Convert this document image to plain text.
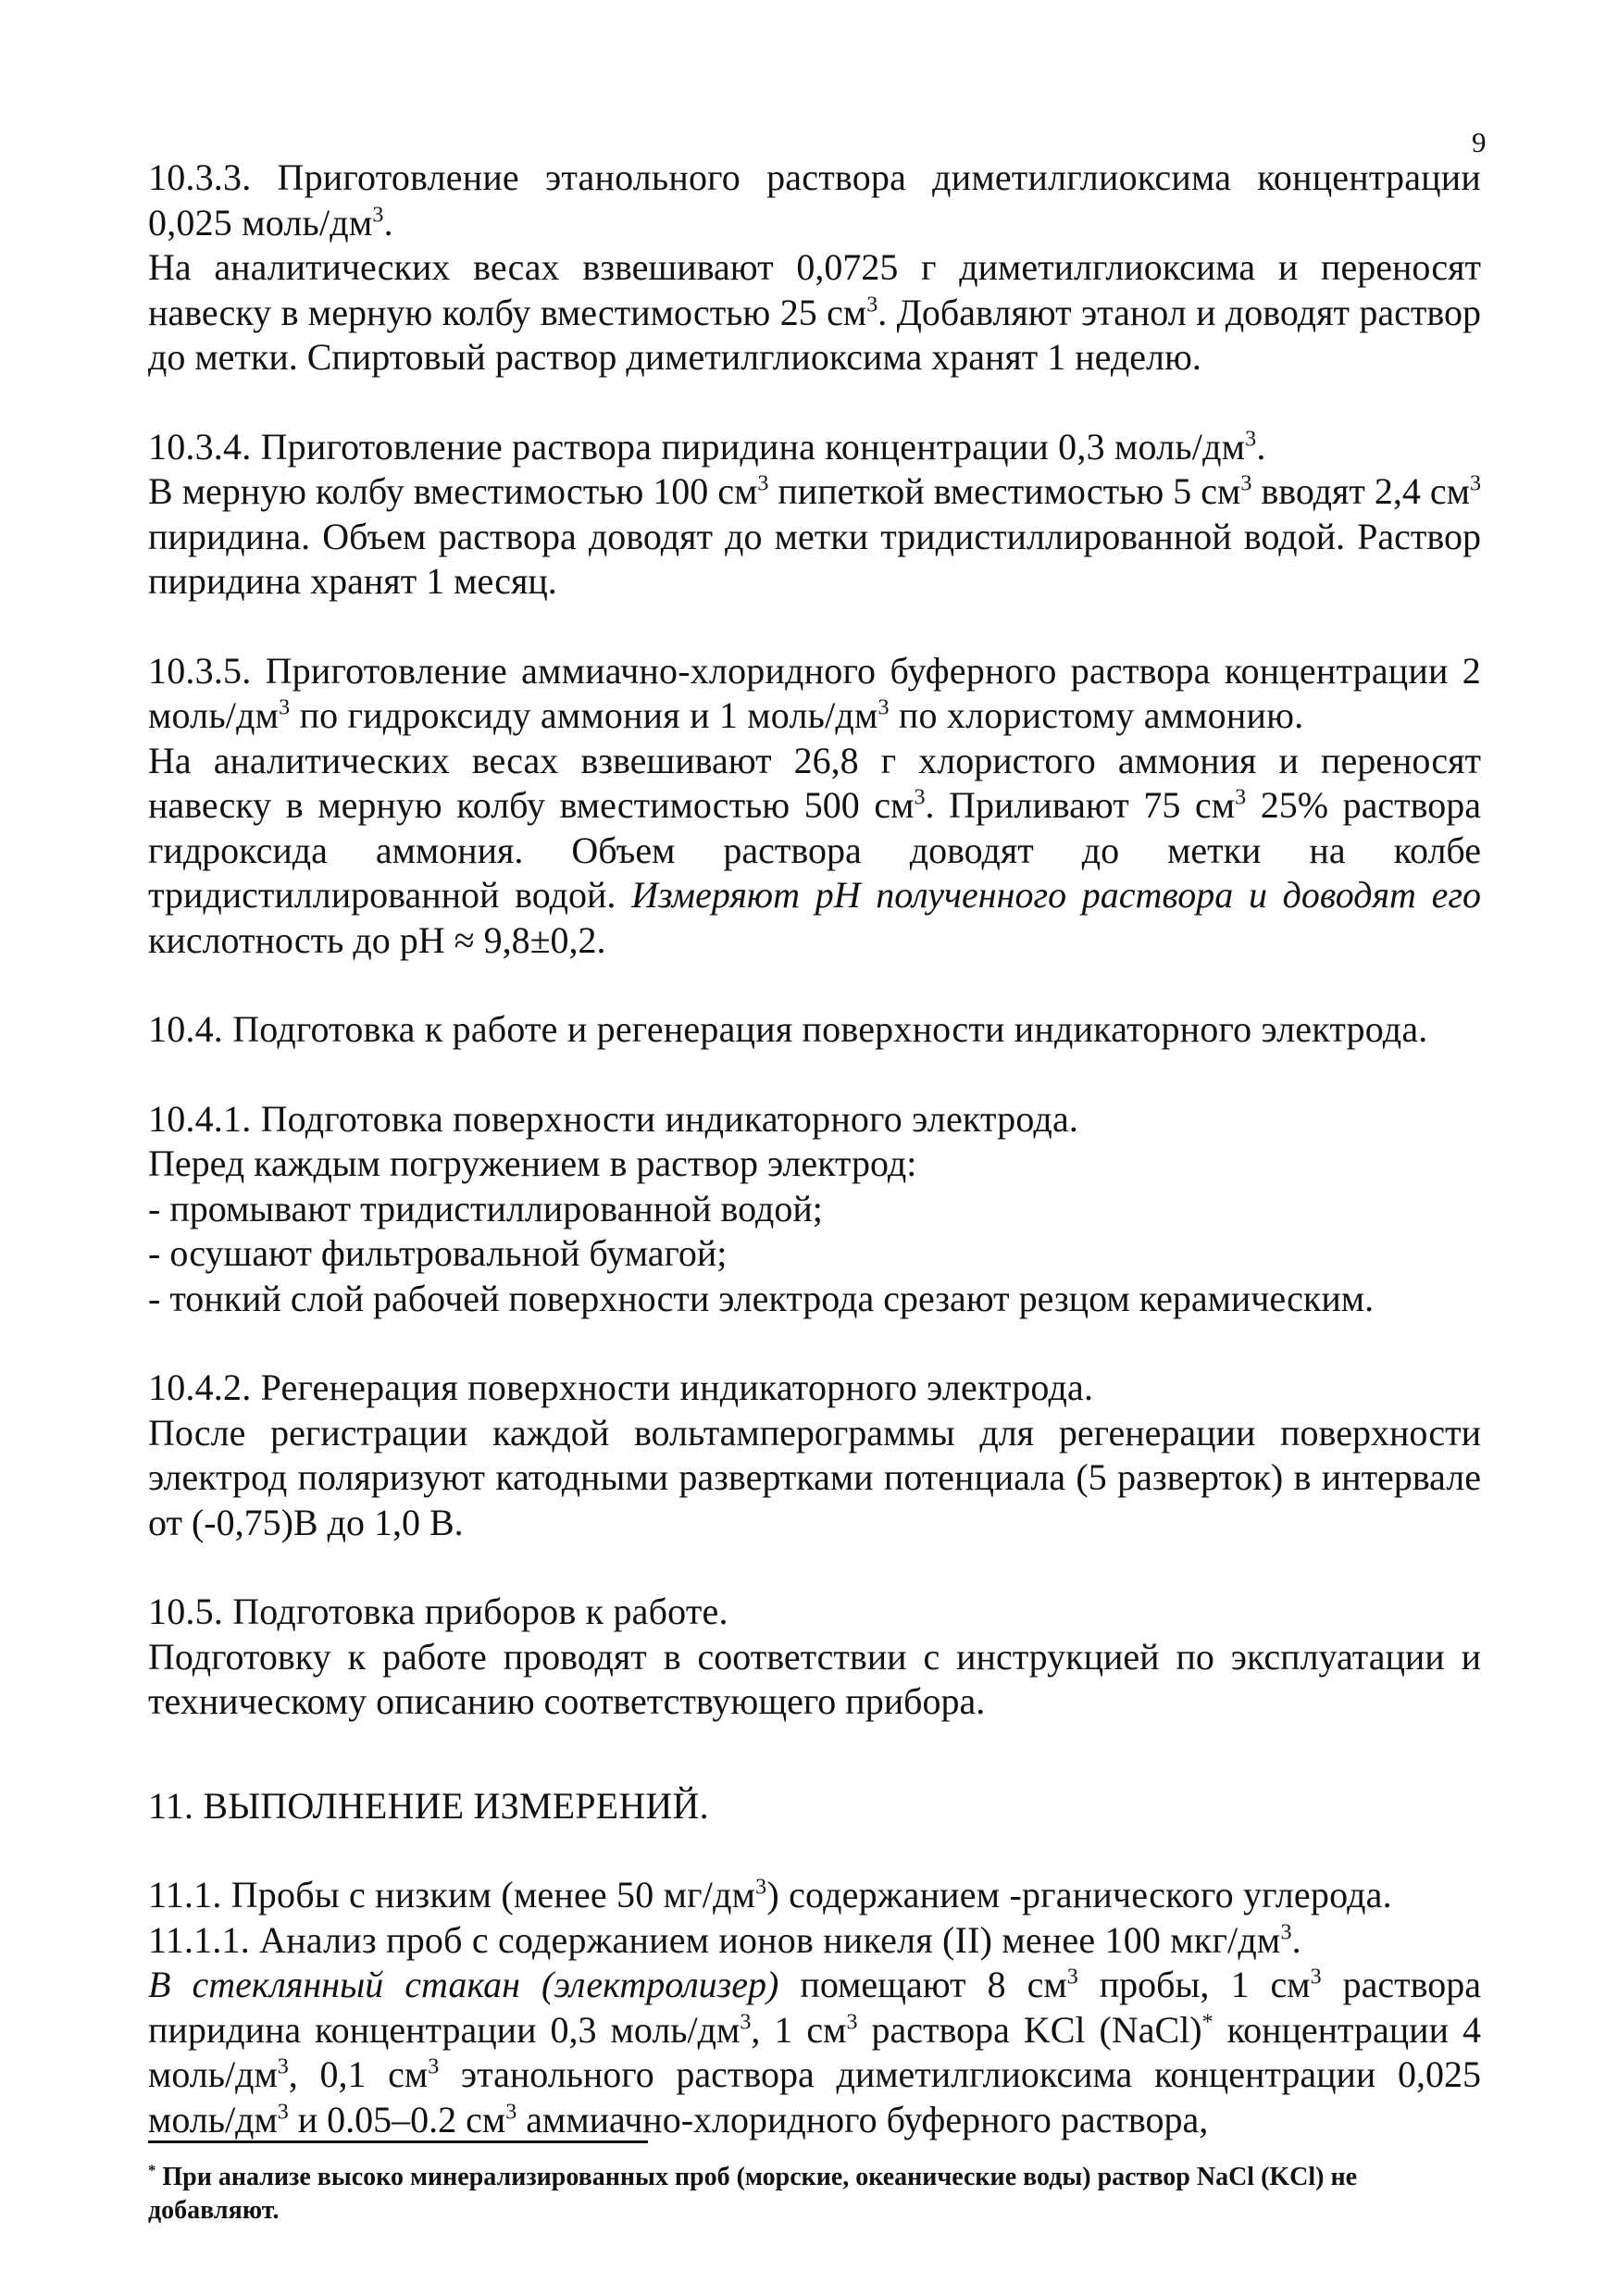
9

10.3.3. Приготовление этанольного раствора диметилглиоксима концентрации 0,025 моль/$дм^3$.

На аналитических весах взвешивают 0,0725 г диметилглиоксима и переносят навеску в мерную колбу вместимостью 25 $см^3$. Добавляют этанол и доводят раствор до метки. Спиртовый раствор диметилглиоксима хранят 1 неделю.

10.3.4. Приготовление раствора пиридина концентрации 0,3 моль/$дм^3$.

В мерную колбу вместимостью 100 $см^3$ пипеткой вместимостью 5 $см^3$ вводят 2,4 $см^3$ пиридина. Объем раствора доводят до метки тридистиллированной водой. Раствор пиридина хранят 1 месяц.

10.3.5. Приготовление аммиачно-хлоридного буферного раствора концентрации 2 моль/$дм^3$ по гидроксиду аммония и 1 моль/$дм^3$ по хлористому аммонию.

На аналитических весах взвешивают 26,8 г хлористого аммония и переносят навеску в мерную колбу вместимостью 500 $см^3$. Приливают 75 $см^3$ 25% раствора гидроксида аммония. Объем раствора доводят до метки на колбе тридистиллированной водой. Измеряют pH полученного раствора и доводят его кислотность до pH ≈ 9,8±0,2.

10.4. Подготовка к работе и регенерация поверхности индикаторного электрода.

10.4.1. Подготовка поверхности индикаторного электрода.

Перед каждым погружением в раствор электрод:

- промывают тридистиллированной водой;

- осушают фильтровальной бумагой;

- тонкий слой рабочей поверхности электрода срезают резцом керамическим.

10.4.2. Регенерация поверхности индикаторного электрода.

После регистрации каждой вольтамперограммы для регенерации поверхности электрод поляризуют катодными развертками потенциала (5 разверток) в интервале от (-0,75)В до 1,0 В.

10.5. Подготовка приборов к работе.

Подготовку к работе проводят в соответствии с инструкцией по эксплуатации и техническому описанию соответствующего прибора.

11. ВЫПОЛНЕНИЕ ИЗМЕРЕНИЙ.

11.1. Пробы с низким (менее 50 $мг/дм^3$) содержанием ‑рганического углерода.

11.1.1. Анализ проб с содержанием ионов никеля (II) менее 100 мкг/$дм^3$.

В стеклянный стакан (электролизер) помещают 8 $см^3$ пробы, 1 $см^3$ раствора пиридина концентрации 0,3 моль/$дм^3$, 1 $см^3$ раствора KCl (NaCl)* концентрации 4 моль/$дм^3$, 0,1 $см^3$ этанольного раствора диметилглиоксима концентрации 0,025 моль/$дм^3$ и 0.05–0.2 $см^3$ аммиачно-хлоридного буферного раствора,

* При анализе высоко минерализированных проб (морские, океанические воды) раствор NaCl (KCl) не добавляют.
